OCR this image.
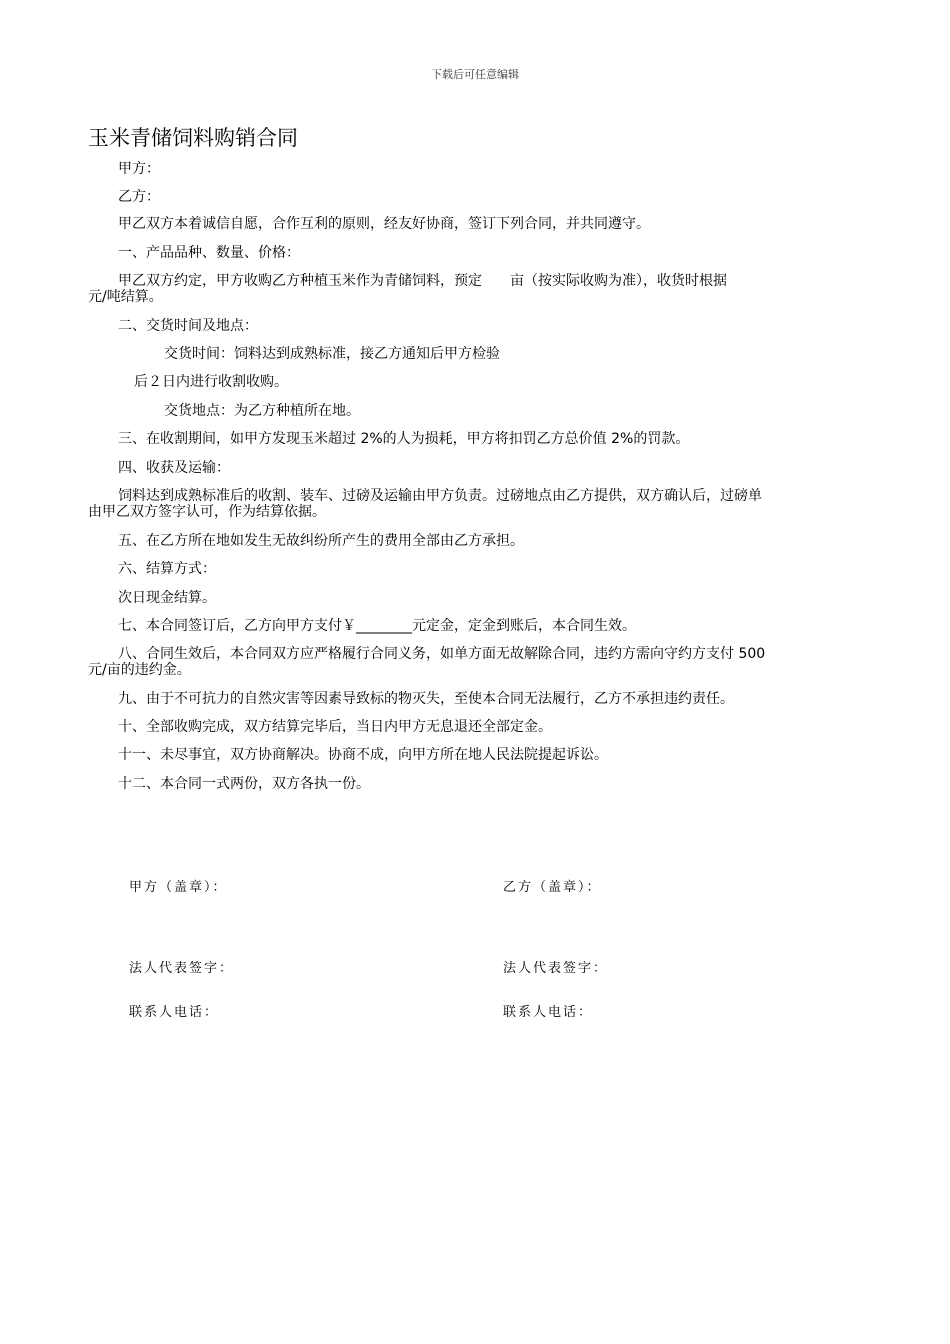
下载后可任意编辑
玉米青储饲料购销合同
甲方：
乙方：
甲乙双方本着诚信自愿，合作互利的原则，经友好协商，签订下列合同，并共同遵守。
一、产品品种、数量、价格：
甲乙双方约定，甲方收购乙方种植玉米作为青储饲料，预定　　亩（按实际收购为准），收货时根据
元/吨结算。
二、交货时间及地点：
交货时间：饲料达到成熟标准，接乙方通知后甲方检验
后２日内进行收割收购。
交货地点：为乙方种植所在地。
三、在收割期间，如甲方发现玉米超过 2%的人为损耗，甲方将扣罚乙方总价值 2%的罚款。
四、收获及运输：
饲料达到成熟标准后的收割、装车、过磅及运输由甲方负责。过磅地点由乙方提供，双方确认后，过磅单
由甲乙双方签字认可，作为结算依据。
五、在乙方所在地如发生无故纠纷所产生的费用全部由乙方承担。
六、结算方式：
次日现金结算。
七、本合同签订后，乙方向甲方支付￥________元定金，定金到账后，本合同生效。
八、合同生效后，本合同双方应严格履行合同义务，如单方面无故解除合同，违约方需向守约方支付 500
元/亩的违约金。
九、由于不可抗力的自然灾害等因素导致标的物灭失，至使本合同无法履行，乙方不承担违约责任。
十、全部收购完成，双方结算完毕后，当日内甲方无息退还全部定金。
十一、未尽事宜，双方协商解决。协商不成，向甲方所在地人民法院提起诉讼。
十二、本合同一式两份，双方各执一份。
甲方（盖章）：	乙方（盖章）：
法人代表签字：	法人代表签字：
联系人电话：	联系人电话：
